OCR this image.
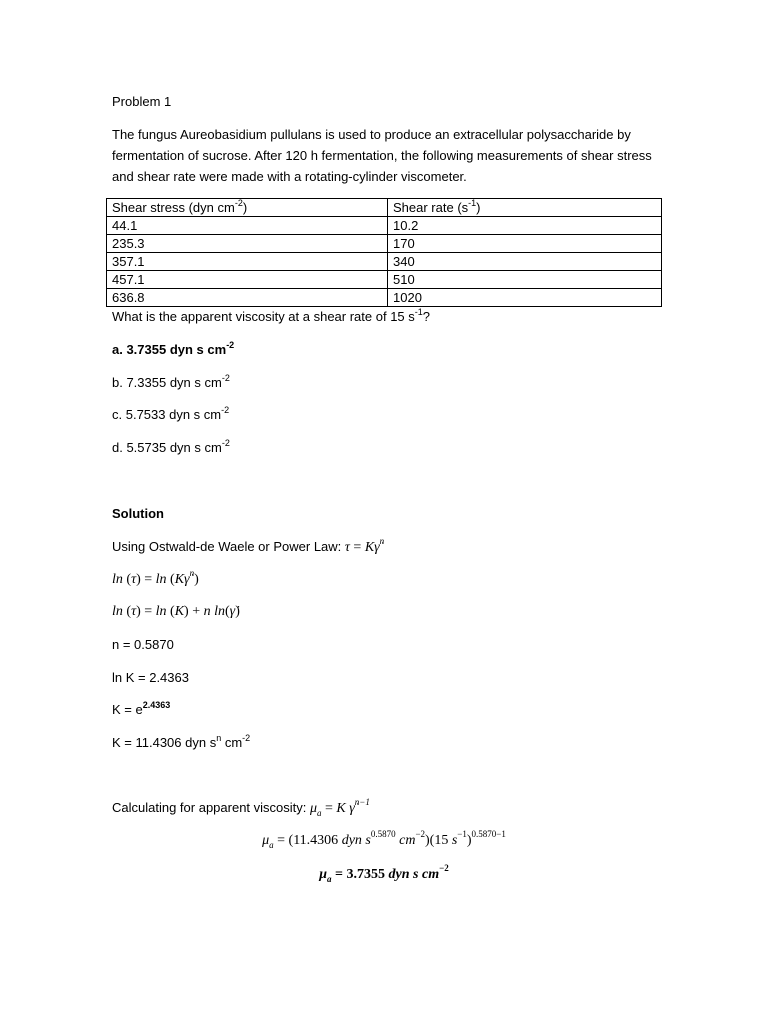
Problem 1
The fungus Aureobasidium pullulans is used to produce an extracellular polysaccharide by
fermentation of sucrose. After 120 h fermentation, the following measurements of shear stress
and shear rate were made with a rotating-cylinder viscometer.
Shear stress (dyn $cm^{-2}$)	Shear rate $(s^{-1})$
44.1	10.2
235.3	170
357.1	340
457.1	510
636.8	1020
What is the apparent viscosity at a shear rate of 15 $s^{-1}$?
a. 3.7355 dyn s $cm^{-2}$
b. 7.3355 dyn s $cm^{-2}$
c. 5.7533 dyn s $cm^{-2}$
d. 5.5735 dyn s $cm^{-2}$
Solution
Using Ostwald-de Waele or Power Law: τ = Kγ̇$^n$
ln (τ) = ln (Kγ̇$^n$)
ln (τ) = ln (K) + n ln(γ̇)
n = 0.5870
ln K = 2.4363
$K = e^{2.4363}$
K = 11.4306 dyn $s^n$ $cm^{-2}$
Calculating for apparent viscosity: $\mu_a = K$ γ̇$^{n-1}$
$\mu_a = (11.4306$ dyn $s^{0.5870}$ $cm^{-2})(15$ $s^{-1})^{0.5870-1}$
$\mu_a = 3.7355$ dyn s $cm^{-2}$
